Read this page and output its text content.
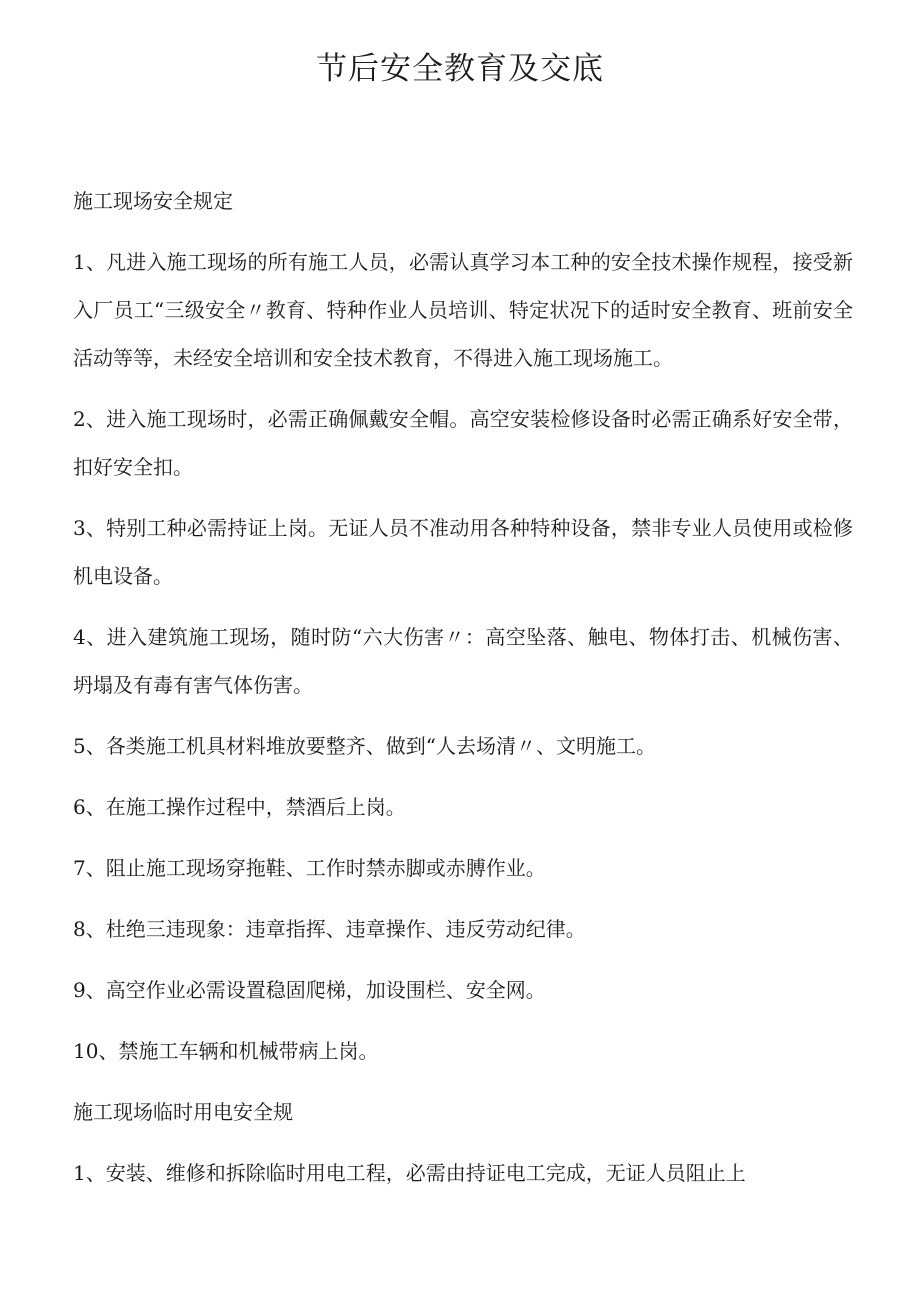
节后安全教育及交底

施工现场安全规定

1、凡进入施工现场的所有施工人员，必需认真学习本工种的安全技术操作规程，接受新入厂员工“三级安全〃教育、特种作业人员培训、特定状况下的适时安全教育、班前安全活动等等，未经安全培训和安全技术教育，不得进入施工现场施工。

2、进入施工现场时，必需正确佩戴安全帽。高空安装检修设备时必需正确系好安全带，扣好安全扣。

3、特别工种必需持证上岗。无证人员不准动用各种特种设备，禁非专业人员使用或检修机电设备。

4、进入建筑施工现场，随时防“六大伤害〃：高空坠落、触电、物体打击、机械伤害、坍塌及有毒有害气体伤害。

5、各类施工机具材料堆放要整齐、做到“人去场清〃、文明施工。

6、在施工操作过程中，禁酒后上岗。

7、阻止施工现场穿拖鞋、工作时禁赤脚或赤膊作业。

8、杜绝三违现象：违章指挥、违章操作、违反劳动纪律。

9、高空作业必需设置稳固爬梯，加设围栏、安全网。

10、禁施工车辆和机械带病上岗。

施工现场临时用电安全规

1、安装、维修和拆除临时用电工程，必需由持证电工完成，无证人员阻止上
